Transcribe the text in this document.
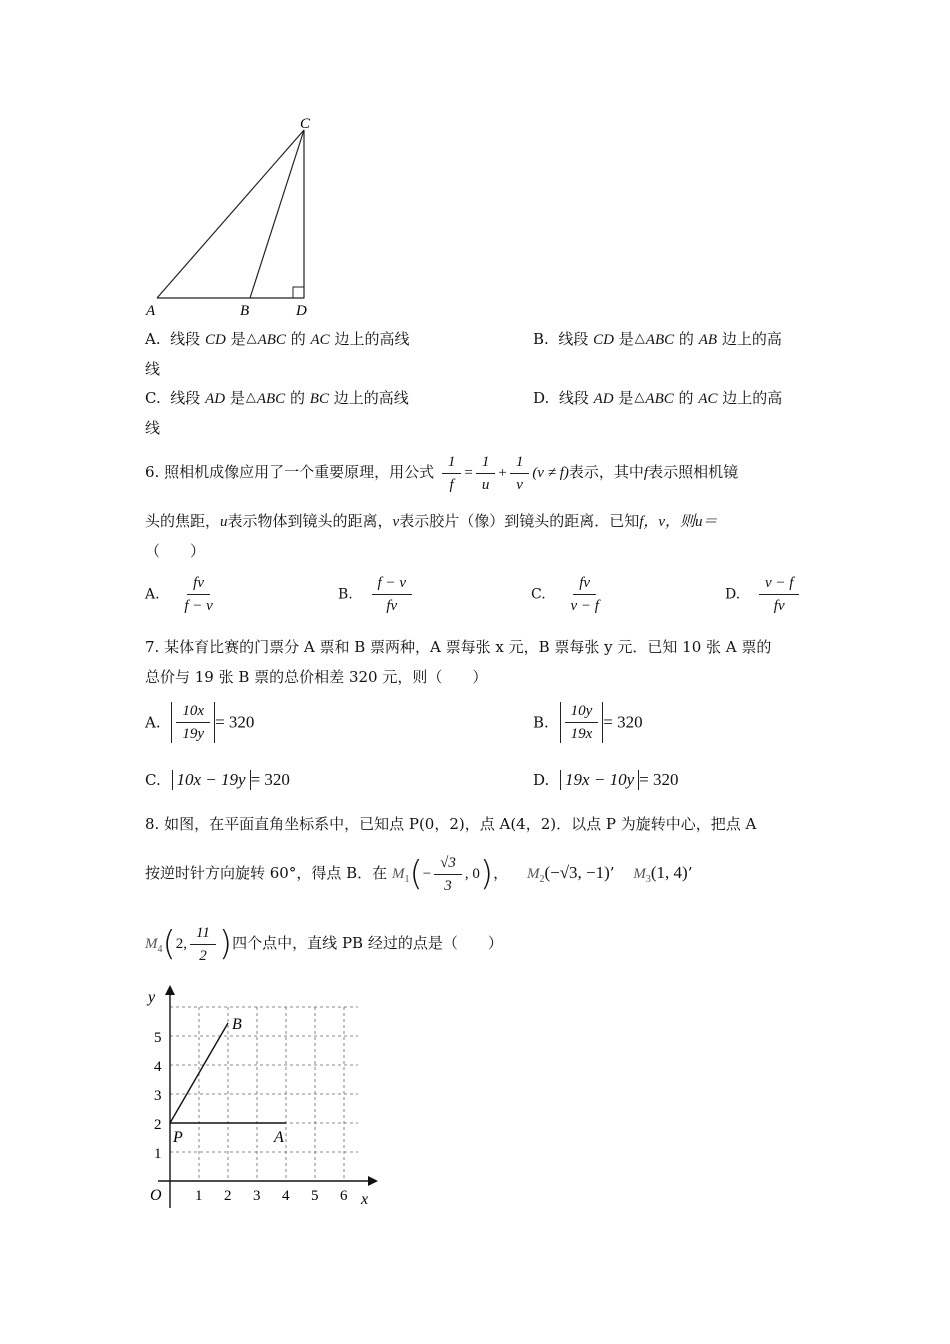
C
A	B	D
A. 线段 CD 是△ABC 的 AC 边上的高线
线
B. 线段 CD 是△ABC 的 AB 边上的高
C. 线段 AD 是△ABC 的 BC 边上的高线
线
D. 线段 AD 是△ABC 的 AC 边上的高
6. 照相机成像应用了一个重要原理，用公式 $\frac{1}{f} = \frac{1}{u} + \frac{1}{v} (v \ne f)$表示，其中f表示照相机镜
头的焦距，u表示物体到镜头的距离，v表示胶片（像）到镜头的距离．已知f，v，则u＝
（　　）
A. $\frac{fv}{f - v}$	B. $\frac{f - v}{fv}$	C. $\frac{fv}{v - f}$	D. $\frac{v - f}{fv}$
7. 某体育比赛的门票分 A 票和 B 票两种，A 票每张 x 元，B 票每张 y 元．已知 10 张 A 票的
总价与 19 张 B 票的总价相差 320 元，则（　　）
A. $\frac{10x}{19y} = 320$	B. $\frac{10y}{19x} = 320$
C. 10x − 19y = 320	D. 19x − 10y = 320
8. 如图，在平面直角坐标系中，已知点 P(0，2)，点 A(4，2)．以点 P 为旋转中心，把点 A
按逆时针方向旋转 60°，得点 B．在 $M_1(- \frac{√3}{3}$ , 0)， $M_2(-√3$, −1)’ $M_3(1$, 4)’
$M_4(2$, $\frac{11}{2}$ )四个点中，直线 PB 经过的点是（　　）
y
x
O 1 2 3 4 5 6
1
2
3
4
5
P	A
B
